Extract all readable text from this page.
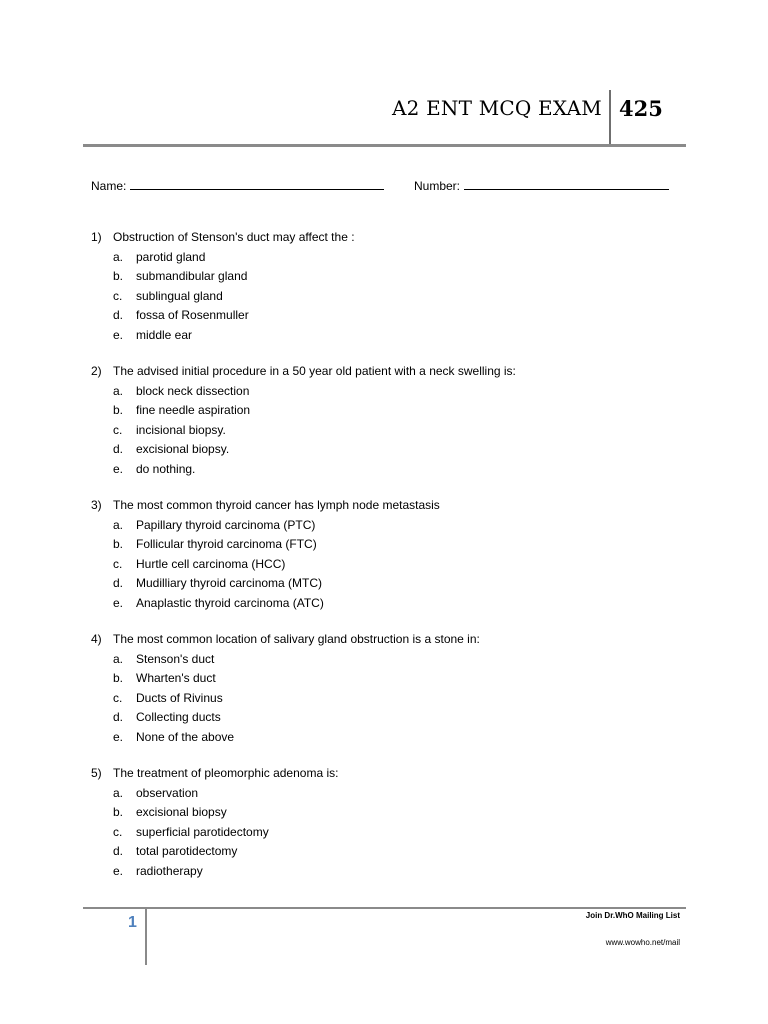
A2 ENT MCQ EXAM 425
Name:	Number:
1) Obstruction of Stenson's duct may affect the :
a.	parotid gland
b.	submandibular gland
c.	sublingual gland
d.	fossa of Rosenmuller
e.	middle ear
2) The advised initial procedure in a 50 year old patient with a neck swelling is:
a.	block neck dissection
b.	fine needle aspiration
c.	incisional biopsy.
d.	excisional biopsy.
e.	do nothing.
3) The most common thyroid cancer has lymph node metastasis
a.	Papillary thyroid carcinoma (PTC)
b.	Follicular thyroid carcinoma (FTC)
c.	Hurtle cell carcinoma (HCC)
d.	Mudilliary thyroid carcinoma (MTC)
e.	Anaplastic thyroid carcinoma (ATC)
4) The most common location of salivary gland obstruction is a stone in:
a.	Stenson's duct
b.	Wharten's duct
c.	Ducts of Rivinus
d.	Collecting ducts
e.	None of the above
5) The treatment of pleomorphic adenoma is:
a.	observation
b.	excisional biopsy
c.	superficial parotidectomy
d.	total parotidectomy
e.	radiotherapy
1	Join Dr.WhO Mailing List
www.wowho.net/mail
